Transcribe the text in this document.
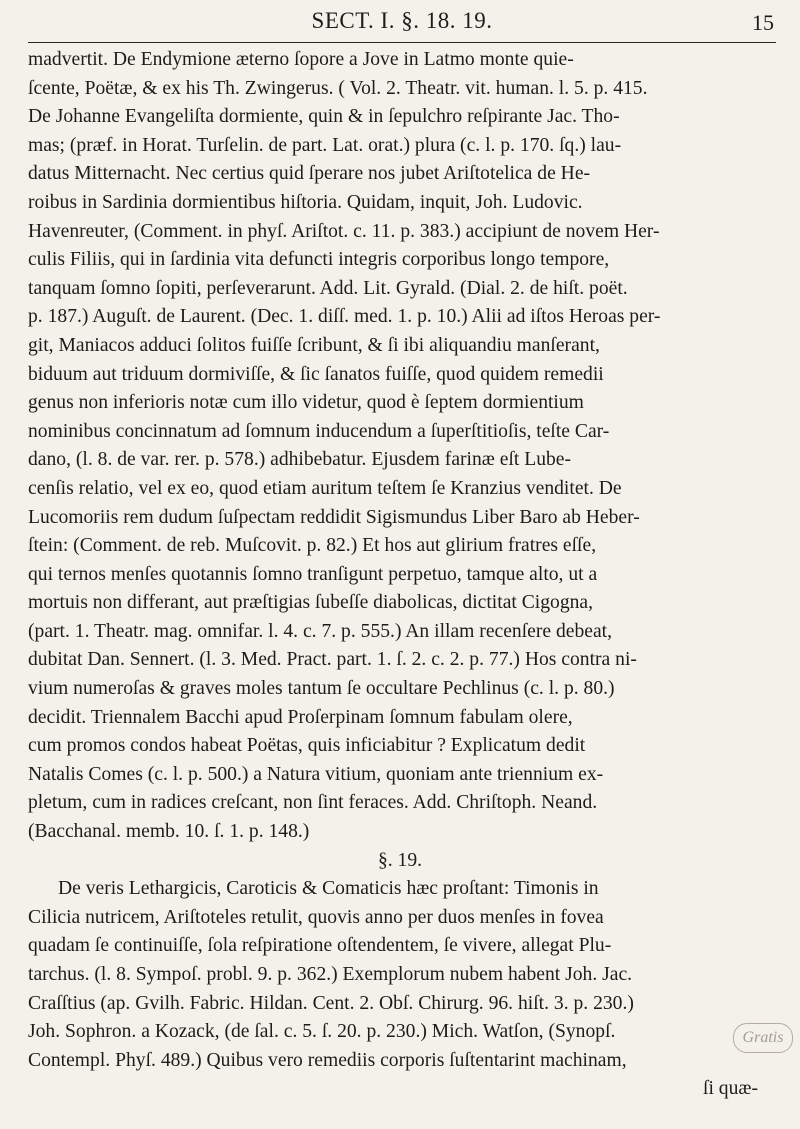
SECT. I. §. 18. 19.	15
madvertit. De Endymione æterno ſopore a Jove in Latmo monte quie-
ſcente, Poëtæ, & ex his Th. Zwingerus. ( Vol. 2. Theatr. vit. human. l. 5. p. 415.
De Johanne Evangeliſta dormiente, quin & in ſepulchro reſpirante Jac. Tho-
mas; (præf. in Horat. Turſelin. de part. Lat. orat.) plura (c. l. p. 170. ſq.) lau-
datus Mitternacht. Nec certius quid ſperare nos jubet Ariſtotelica de He-
roibus in Sardinia dormientibus hiſtoria. Quidam, inquit, Joh. Ludovic.
Havenreuter, (Comment. in phyſ. Ariſtot. c. 11. p. 383.) accipiunt de novem Her-
culis Filiis, qui in ſardinia vita defuncti integris corporibus longo tempore,
tanquam ſomno ſopiti, perſeverarunt. Add. Lit. Gyrald. (Dial. 2. de hiſt. poët.
p. 187.) Auguſt. de Laurent. (Dec. 1. diſſ. med. 1. p. 10.) Alii ad iſtos Heroas per-
git, Maniacos adduci ſolitos fuiſſe ſcribunt, & ſi ibi aliquandiu manſerant,
biduum aut triduum dormiviſſe, & ſic ſanatos fuiſſe, quod quidem remedii
genus non inferioris notæ cum illo videtur, quod è ſeptem dormientium
nominibus concinnatum ad ſomnum inducendum a ſuperſtitioſis, teſte Car-
dano, (l. 8. de var. rer. p. 578.) adhibebatur. Ejusdem farinæ eſt Lube-
cenſis relatio, vel ex eo, quod etiam auritum teſtem ſe Kranzius venditet. De
Lucomoriis rem dudum ſuſpectam reddidit Sigismundus Liber Baro ab Heber-
ſtein: (Comment. de reb. Muſcovit. p. 82.) Et hos aut glirium fratres eſſe,
qui ternos menſes quotannis ſomno tranſigunt perpetuo, tamque alto, ut a
mortuis non differant, aut præſtigias ſubeſſe diabolicas, dictitat Cigogna,
(part. 1. Theatr. mag. omnifar. l. 4. c. 7. p. 555.) An illam recenſere debeat,
dubitat Dan. Sennert. (l. 3. Med. Pract. part. 1. ſ. 2. c. 2. p. 77.) Hos contra ni-
vium numeroſas & graves moles tantum ſe occultare Pechlinus (c. l. p. 80.)
decidit. Triennalem Bacchi apud Proſerpinam ſomnum fabulam olere,
cum promos condos habeat Poëtas, quis inficiabitur ? Explicatum dedit
Natalis Comes (c. l. p. 500.) a Natura vitium, quoniam ante triennium ex-
pletum, cum in radices creſcant, non ſint feraces. Add. Chriſtoph. Neand.
(Bacchanal. memb. 10. ſ. 1. p. 148.)
§. 19.
De veris Lethargicis, Caroticis & Comaticis hæc proſtant: Timonis in
Cilicia nutricem, Ariſtoteles retulit, quovis anno per duos menſes in fovea
quadam ſe continuiſſe, ſola reſpiratione oſtendentem, ſe vivere, allegat Plu-
tarchus. (l. 8. Sympoſ. probl. 9. p. 362.) Exemplorum nubem habent Joh. Jac.
Craſſtius (ap. Gvilh. Fabric. Hildan. Cent. 2. Obſ. Chirurg. 96. hiſt. 3. p. 230.)
Joh. Sophron. a Kozack, (de ſal. c. 5. ſ. 20. p. 230.) Mich. Watſon, (Synopſ.
Contempl. Phyſ. 489.) Quibus vero remediis corporis ſuſtentarint machinam,
ſi quæ-
Gratis
